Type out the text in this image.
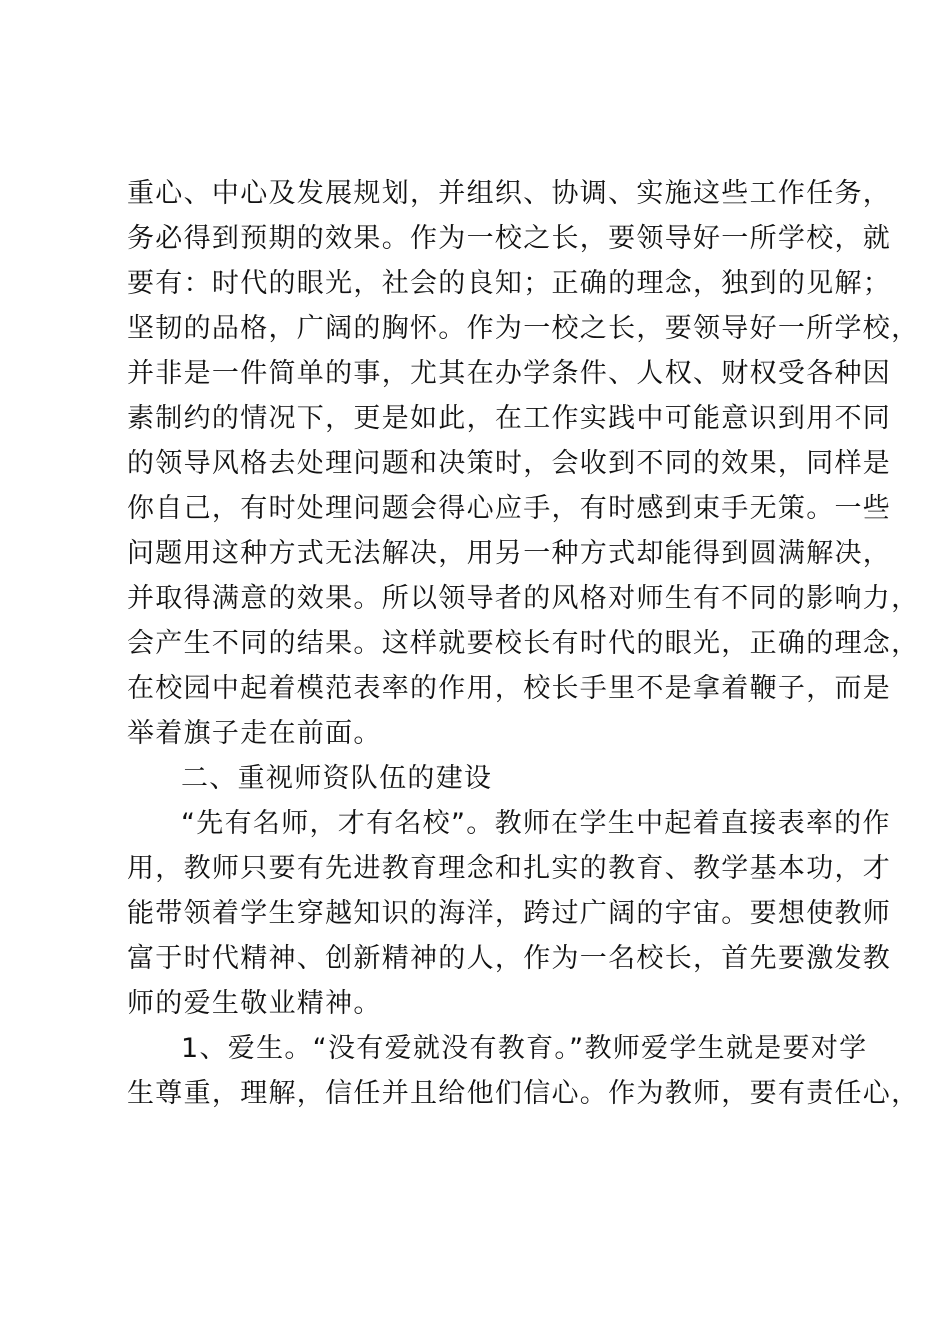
重心、中心及发展规划，并组织、协调、实施这些工作任务，
务必得到预期的效果。作为一校之长，要领导好一所学校，就
要有：时代的眼光，社会的良知；正确的理念，独到的见解；
坚韧的品格，广阔的胸怀。作为一校之长，要领导好一所学校，
并非是一件简单的事，尤其在办学条件、人权、财权受各种因
素制约的情况下，更是如此，在工作实践中可能意识到用不同
的领导风格去处理问题和决策时，会收到不同的效果，同样是
你自己，有时处理问题会得心应手，有时感到束手无策。一些
问题用这种方式无法解决，用另一种方式却能得到圆满解决，
并取得满意的效果。所以领导者的风格对师生有不同的影响力，
会产生不同的结果。这样就要校长有时代的眼光，正确的理念，
在校园中起着模范表率的作用，校长手里不是拿着鞭子，而是
举着旗子走在前面。
二、重视师资队伍的建设
“先有名师，才有名校”。教师在学生中起着直接表率的作
用，教师只要有先进教育理念和扎实的教育、教学基本功，才
能带领着学生穿越知识的海洋，跨过广阔的宇宙。要想使教师
富于时代精神、创新精神的人，作为一名校长，首先要激发教
师的爱生敬业精神。
1、爱生。“没有爱就没有教育。”教师爱学生就是要对学
生尊重，理解，信任并且给他们信心。作为教师，要有责任心，
